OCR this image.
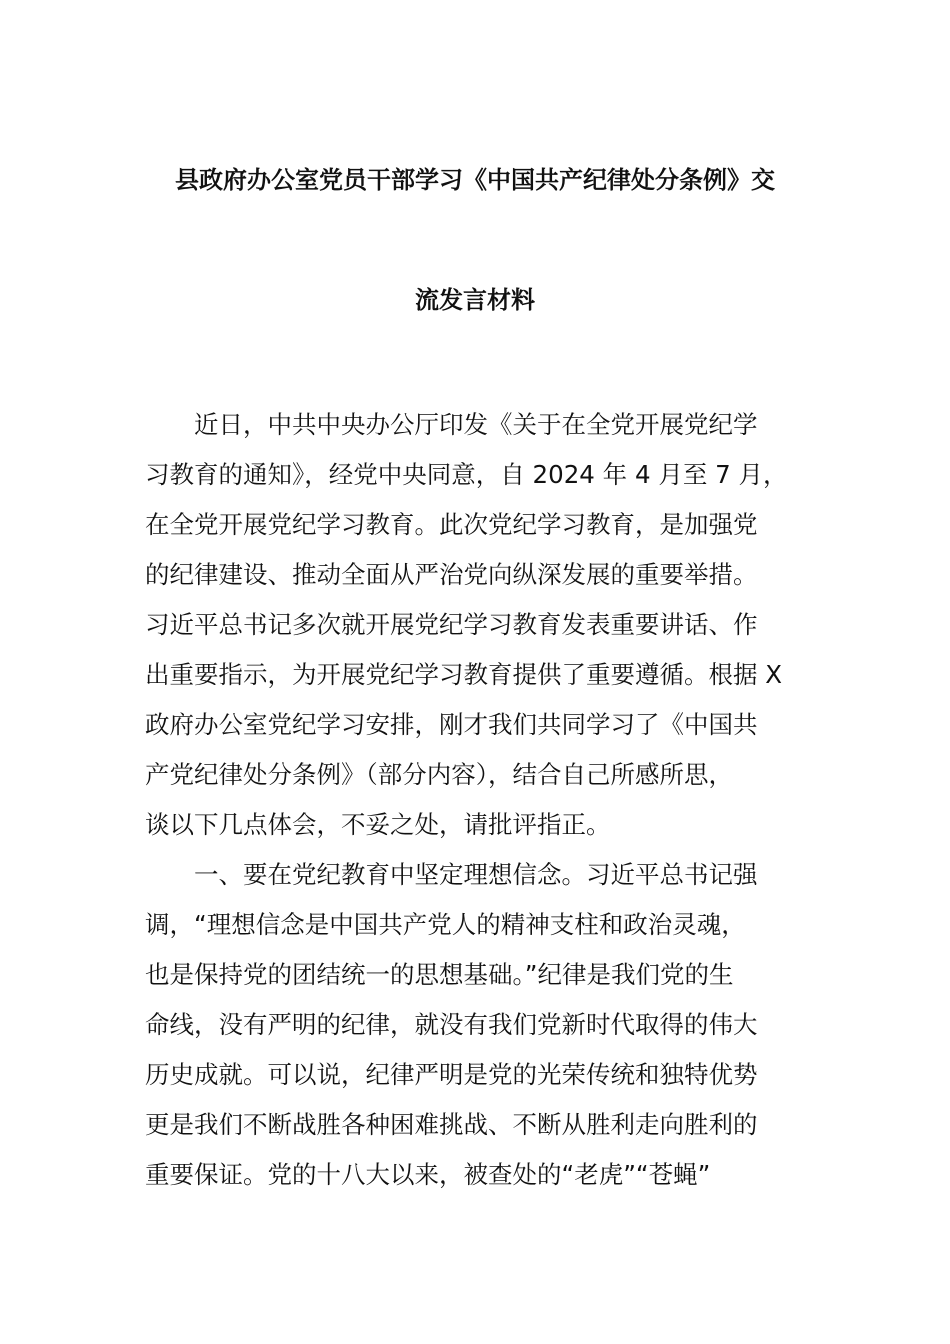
县政府办公室党员干部学习《中国共产纪律处分条例》交
流发言材料
近日，中共中央办公厅印发《关于在全党开展党纪学
习教育的通知》，经党中央同意，自 2024 年 4 月至 7 月，
在全党开展党纪学习教育。此次党纪学习教育，是加强党
的纪律建设、推动全面从严治党向纵深发展的重要举措。
习近平总书记多次就开展党纪学习教育发表重要讲话、作
出重要指示，为开展党纪学习教育提供了重要遵循。根据 X
政府办公室党纪学习安排，刚才我们共同学习了《中国共
产党纪律处分条例》（部分内容），结合自己所感所思，
谈以下几点体会，不妥之处，请批评指正。
一、要在党纪教育中坚定理想信念。习近平总书记强
调，“理想信念是中国共产党人的精神支柱和政治灵魂，
也是保持党的团结统一的思想基础。”纪律是我们党的生
命线，没有严明的纪律，就没有我们党新时代取得的伟大
历史成就。可以说，纪律严明是党的光荣传统和独特优势
更是我们不断战胜各种困难挑战、不断从胜利走向胜利的
重要保证。党的十八大以来，被查处的“老虎”“苍蝇”
